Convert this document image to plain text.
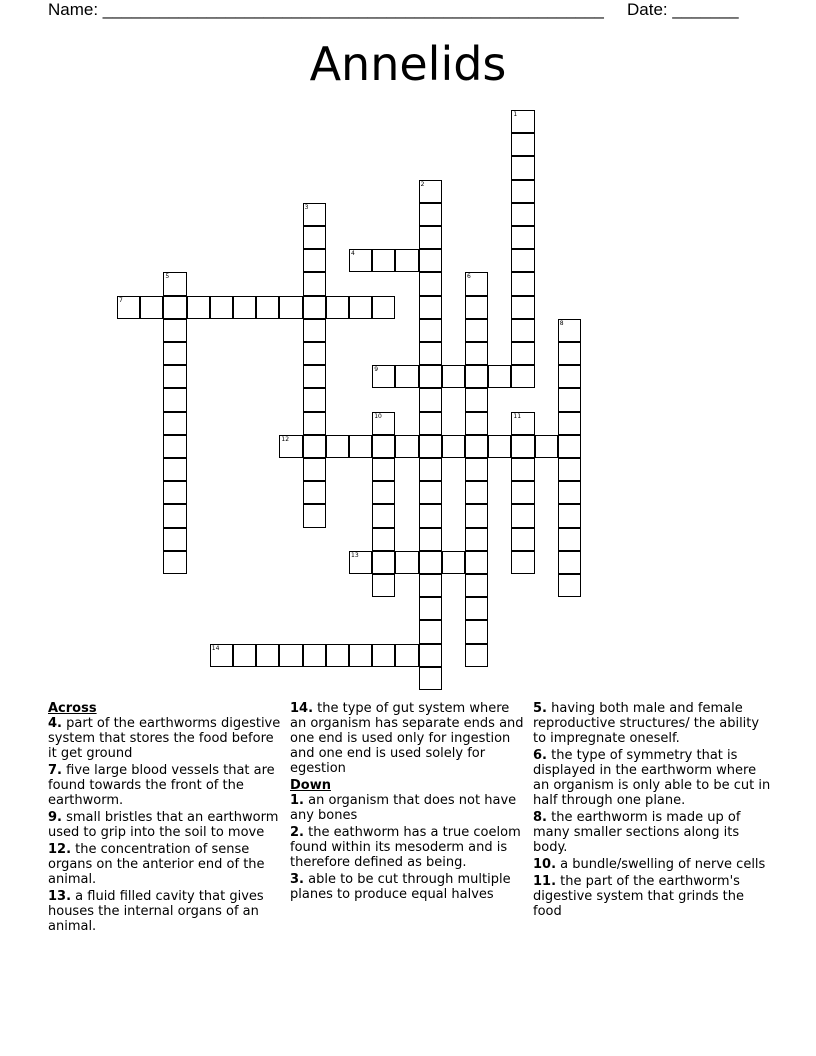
Name: _____________________________________________________ Date: _______
Annelids
1
2
3
4
5	6
7
8
9
10	11
12
13
14
Across
4. part of the earthworms digestive system that stores the food before it get ground
7. five large blood vessels that are found towards the front of the earthworm.
9. small bristles that an earthworm used to grip into the soil to move
12. the concentration of sense organs on the anterior end of the animal.
13. a fluid filled cavity that gives houses the internal organs of an animal.
14. the type of gut system where an organism has separate ends and one end is used only for ingestion and one end is used solely for egestion
Down
1. an organism that does not have any bones
2. the eathworm has a true coelom found within its mesoderm and is therefore defined as being.
3. able to be cut through multiple planes to produce equal halves
5. having both male and female reproductive structures/ the ability to impregnate oneself.
6. the type of symmetry that is displayed in the earthworm where an organism is only able to be cut in half through one plane.
8. the earthworm is made up of many smaller sections along its body.
10. a bundle/swelling of nerve cells
11. the part of the earthworm's digestive system that grinds the food
